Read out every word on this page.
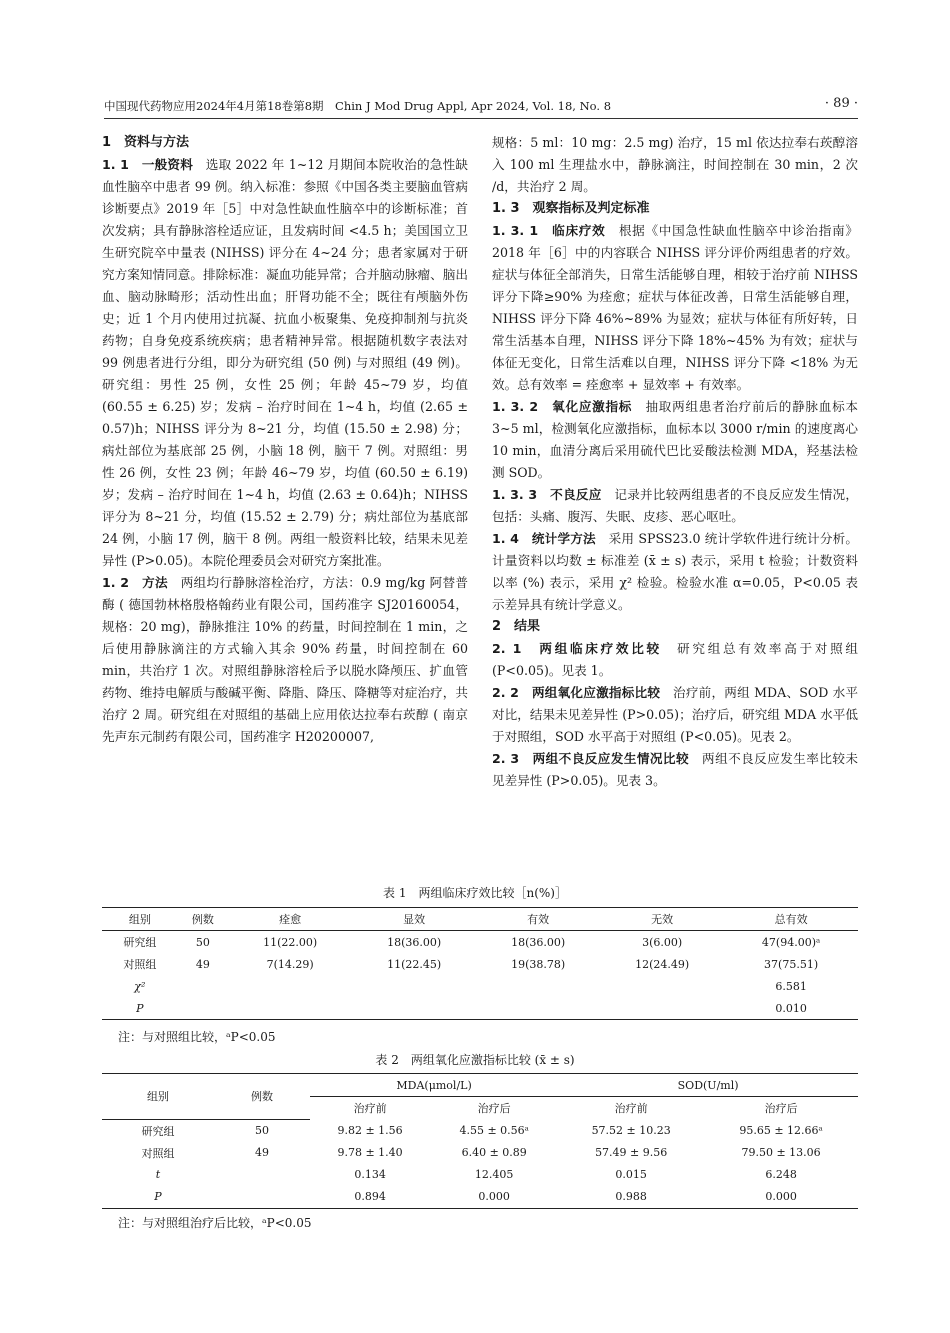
中国现代药物应用2024年4月第18卷第8期　Chin J Mod Drug Appl, Apr 2024, Vol. 18, No. 8	· 89 ·
1　资料与方法

1. 1　一般资料　选取 2022 年 1~12 月期间本院收治的急性缺血性脑卒中患者 99 例。纳入标准：参照《中国各类主要脑血管病诊断要点》2019 年［5］中对急性缺血性脑卒中的诊断标准；首次发病；具有静脉溶栓适应证，且发病时间 <4.5 h；美国国立卫生研究院卒中量表 (NIHSS) 评分在 4~24 分；患者家属对于研究方案知情同意。排除标准：凝血功能异常；合并脑动脉瘤、脑出血、脑动脉畸形；活动性出血；肝肾功能不全；既往有颅脑外伤史；近 1 个月内使用过抗凝、抗血小板聚集、免疫抑制剂与抗炎药物；自身免疫系统疾病；患者精神异常。根据随机数字表法对 99 例患者进行分组，即分为研究组 (50 例) 与对照组 (49 例)。研究组：男性 25 例，女性 25 例；年龄 45~79 岁，均值 (60.55 ± 6.25) 岁；发病 – 治疗时间在 1~4 h，均值 (2.65 ± 0.57)h；NIHSS 评分为 8~21 分，均值 (15.50 ± 2.98) 分；病灶部位为基底部 25 例，小脑 18 例，脑干 7 例。对照组：男性 26 例，女性 23 例；年龄 46~79 岁，均值 (60.50 ± 6.19) 岁；发病 – 治疗时间在 1~4 h，均值 (2.63 ± 0.64)h；NIHSS 评分为 8~21 分，均值 (15.52 ± 2.79) 分；病灶部位为基底部 24 例，小脑 17 例，脑干 8 例。两组一般资料比较，结果未见差异性 (P>0.05)。本院伦理委员会对研究方案批准。

1. 2　方法　两组均行静脉溶栓治疗，方法：0.9 mg/kg 阿替普酶 ( 德国勃林格殷格翰药业有限公司，国药准字 SJ20160054，规格：20 mg)，静脉推注 10% 的药量，时间控制在 1 min，之后使用静脉滴注的方式输入其余 90% 药量，时间控制在 60 min，共治疗 1 次。对照组静脉溶栓后予以脱水降颅压、扩血管药物、维持电解质与酸碱平衡、降脂、降压、降糖等对症治疗，共治疗 2 周。研究组在对照组的基础上应用依达拉奉右莰醇 ( 南京先声东元制药有限公司，国药准字 H20200007,

规格：5 ml：10 mg：2.5 mg) 治疗，15 ml 依达拉奉右莰醇溶入 100 ml 生理盐水中，静脉滴注，时间控制在 30 min，2 次 /d，共治疗 2 周。

1. 3　观察指标及判定标准

1. 3. 1　临床疗效　根据《中国急性缺血性脑卒中诊治指南》2018 年［6］中的内容联合 NIHSS 评分评价两组患者的疗效。症状与体征全部消失，日常生活能够自理，相较于治疗前 NIHSS 评分下降≥90% 为痊愈；症状与体征改善，日常生活能够自理，NIHSS 评分下降 46%~89% 为显效；症状与体征有所好转，日常生活基本自理，NIHSS 评分下降 18%~45% 为有效；症状与体征无变化，日常生活难以自理，NIHSS 评分下降 <18% 为无效。总有效率 = 痊愈率 + 显效率 + 有效率。

1. 3. 2　氧化应激指标　抽取两组患者治疗前后的静脉血标本 3~5 ml，检测氧化应激指标，血标本以 3000 r/min 的速度离心 10 min，血清分离后采用硫代巴比妥酸法检测 MDA，羟基法检测 SOD。

1. 3. 3　不良反应　记录并比较两组患者的不良反应发生情况，包括：头痛、腹泻、失眠、皮疹、恶心呕吐。

1. 4　统计学方法　采用 SPSS23.0 统计学软件进行统计分析。计量资料以均数 ± 标准差 (x̄ ± s) 表示，采用 t 检验；计数资料以率 (%) 表示，采用 χ² 检验。检验水准 α=0.05，P<0.05 表示差异具有统计学意义。

2　结果

2. 1　两组临床疗效比较　研究组总有效率高于对照组 (P<0.05)。见表 1。

2. 2　两组氧化应激指标比较　治疗前，两组 MDA、SOD 水平对比，结果未见差异性 (P>0.05)；治疗后，研究组 MDA 水平低于对照组，SOD 水平高于对照组 (P<0.05)。见表 2。

2. 3　两组不良反应发生情况比较　两组不良反应发生率比较未见差异性 (P>0.05)。见表 3。

表 1　两组临床疗效比较［n(%)］
组别	例数	痊愈	显效	有效	无效	总有效
研究组	50	11(22.00)	18(36.00)	18(36.00)	3(6.00)	47(94.00)ᵃ
对照组	49	7(14.29)	11(22.45)	19(38.78)	12(24.49)	37(75.51)
χ²						6.581
P						0.010
注：与对照组比较，ᵃP<0.05
表 2　两组氧化应激指标比较 (x̄ ± s)
组别	例数	MDA(μmol/L)		SOD(U/ml)	
		治疗前	治疗后	治疗前	治疗后
研究组	50	9.82 ± 1.56	4.55 ± 0.56ᵃ	57.52 ± 10.23	95.65 ± 12.66ᵃ
对照组	49	9.78 ± 1.40	6.40 ± 0.89	57.49 ± 9.56	79.50 ± 13.06
t		0.134	12.405	0.015	6.248
P		0.894	0.000	0.988	0.000
注：与对照组治疗后比较，ᵃP<0.05
